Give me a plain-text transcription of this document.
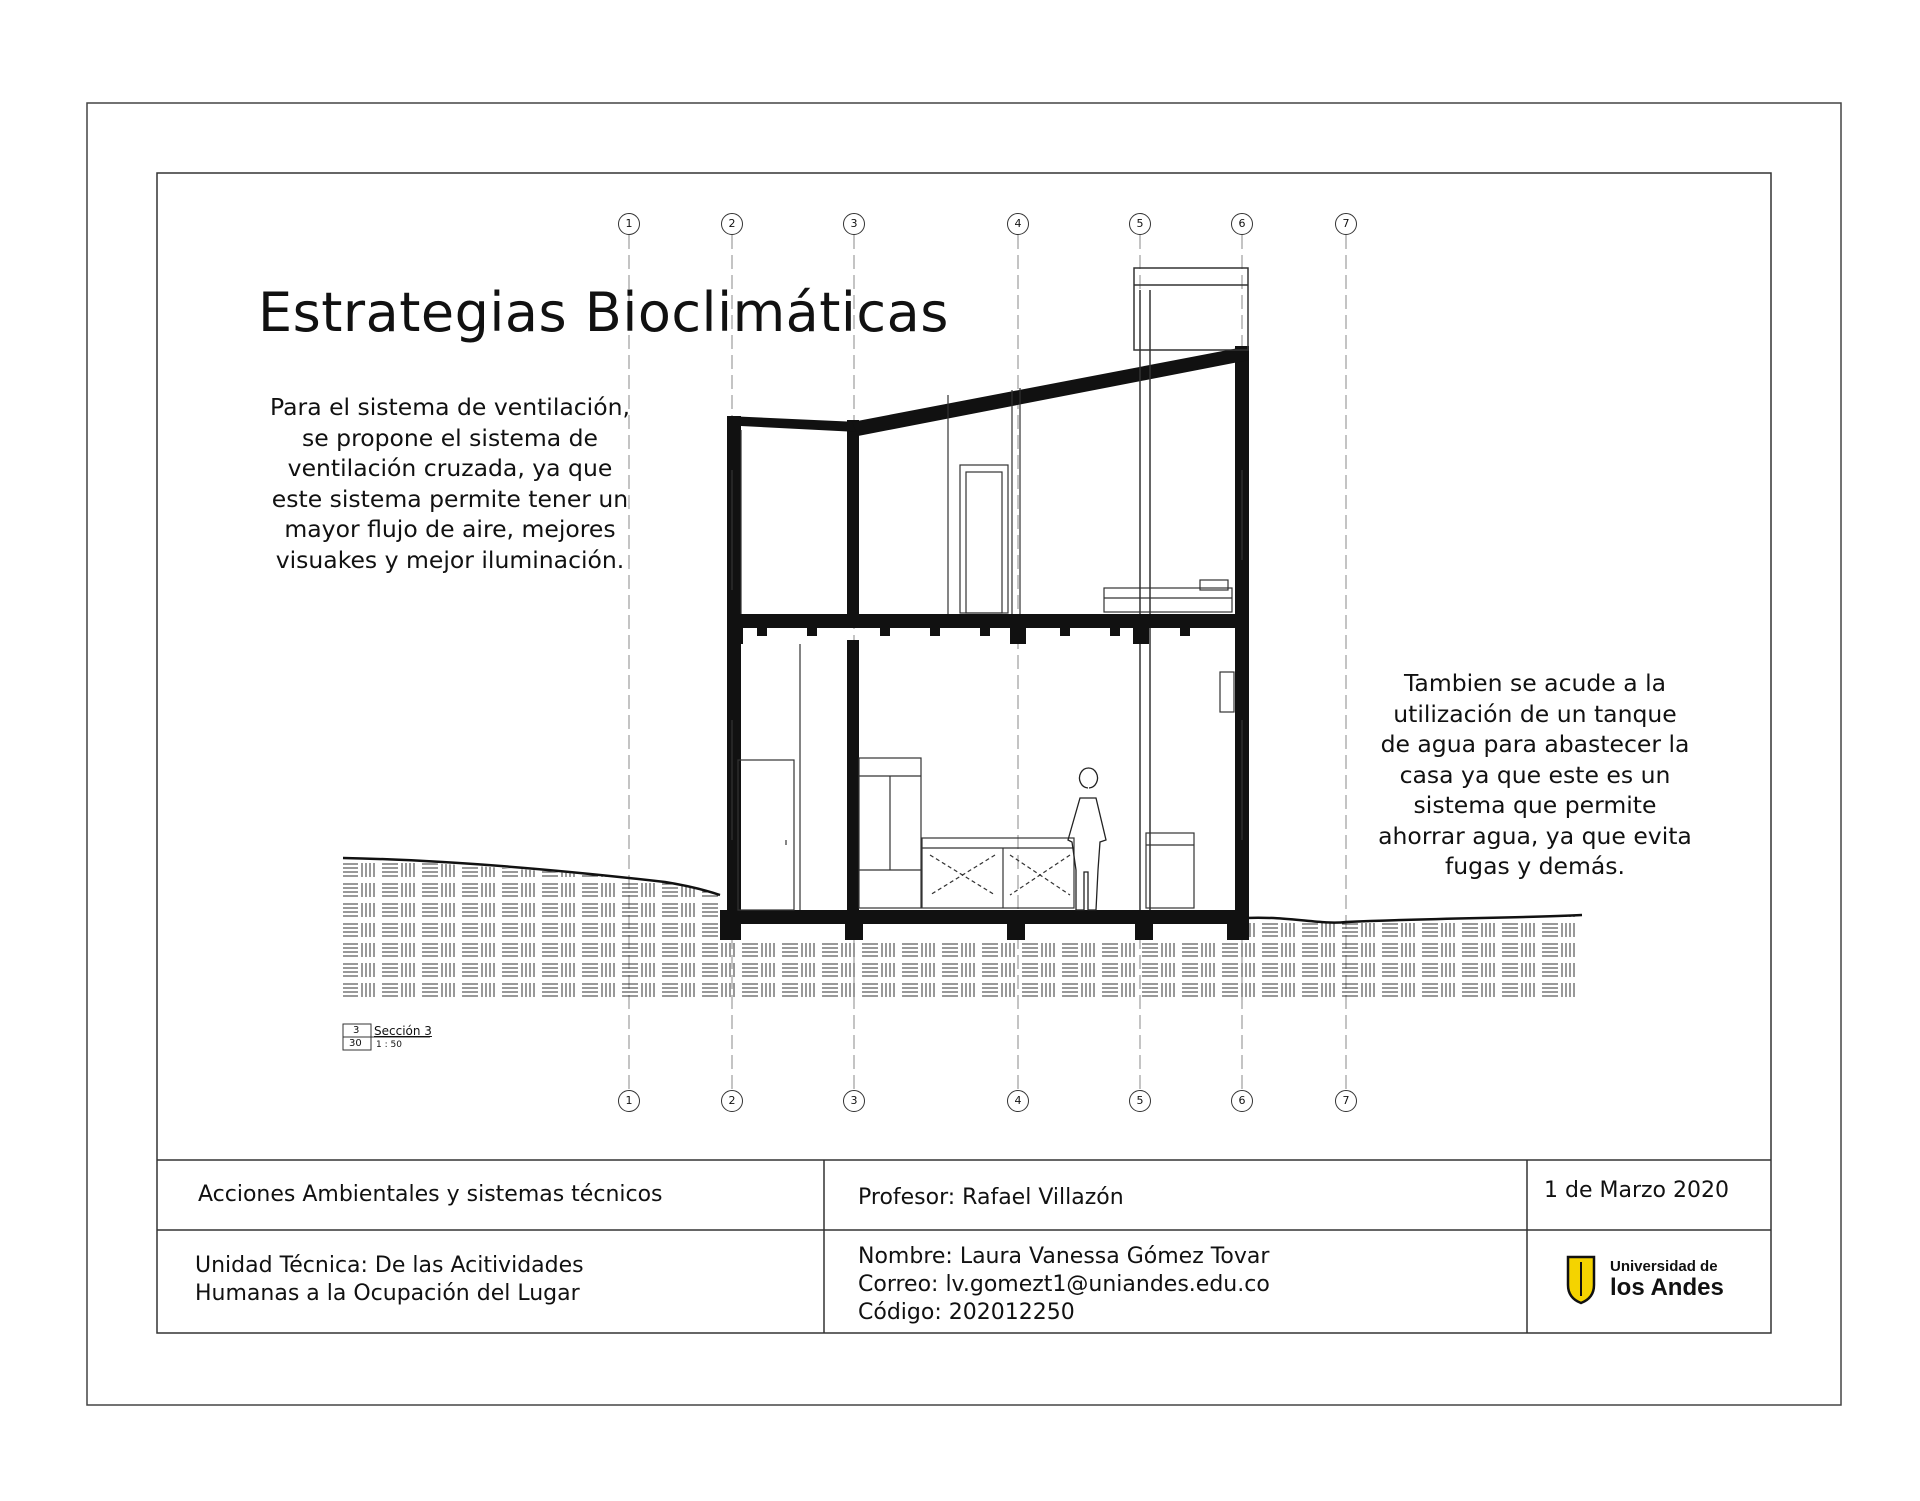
Estrategias Bioclimáticas
Para el sistema de ventilación,
se propone el sistema de
ventilación cruzada, ya que
este sistema permite tener un
mayor flujo de aire, mejores
visuakes y mejor iluminación.
Tambien se acude a la
utilización de un tanque
de agua para abastecer la
casa ya que este es un
sistema que permite
ahorrar agua, ya que evita
fugas y demás.
1	2	3	4	5	6	7
1	2	3	4	5	6	7
3
30
Sección 3
1 : 50
Acciones Ambientales y sistemas técnicos	Profesor: Rafael Villazón	1 de Marzo 2020
Unidad Técnica: De las Acitividades
Humanas a la Ocupación del Lugar
Nombre: Laura Vanessa Gómez Tovar
Correo: lv.gomezt1@uniandes.edu.co
Código: 202012250
Universidad de
los Andes
